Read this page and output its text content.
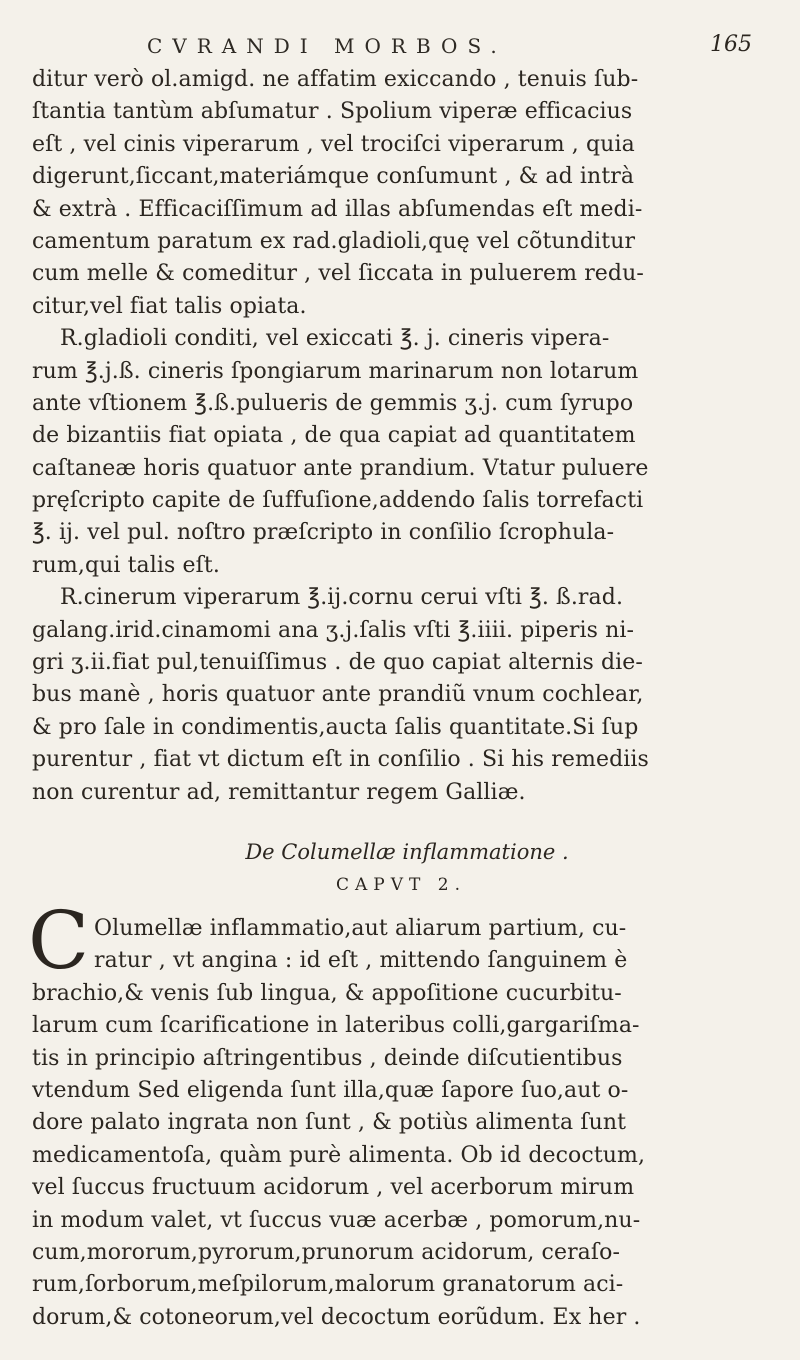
CVRANDI MORBOS.	165
ditur verò ol.amigd. ne affatim exiccando , tenuis ſub-
ſtantia tantùm abſumatur . Spolium viperæ efficacius
eſt , vel cinis viperarum , vel trociſci viperarum , quia
digerunt,ſiccant,materiámque conſumunt , & ad intrà
& extrà . Efficaciſſimum ad illas abſumendas eſt medi-
camentum paratum ex rad.gladioli,quę vel cõtunditur
cum melle & comeditur , vel ſiccata in puluerem redu-
citur,vel fiat talis opiata.
R.gladioli conditi, vel exiccati ℥. j. cineris vipera-
rum ℥.j.ß. cineris ſpongiarum marinarum non lotarum
ante vſtionem ℥.ß.pulueris de gemmis ʒ.j. cum ſyrupo
de bizantiis fiat opiata , de qua capiat ad quantitatem
caſtaneæ horis quatuor ante prandium. Vtatur puluere
pręſcripto capite de ſuffuſione,addendo ſalis torrefacti
℥. ij. vel pul. noſtro præſcripto in conſilio ſcrophula-
rum,qui talis eſt.
R.cinerum viperarum ℥.ij.cornu cerui vſti ℥. ß.rad.
galang.irid.cinamomi ana ʒ.j.ſalis vſti ℥.iiii. piperis ni-
gri ʒ.ii.fiat pul,tenuiſſimus . de quo capiat alternis die-
bus manè , horis quatuor ante prandiũ vnum cochlear,
& pro ſale in condimentis,aucta ſalis quantitate.Si ſup
purentur , fiat vt dictum eſt in conſilio . Si his remediis
non curentur ad, remittantur regem Galliæ.
De Columellæ inflammatione .
CAPVT 2.
C Olumellæ inflammatio,aut aliarum partium, cu-
ratur , vt angina : id eſt , mittendo ſanguinem è
brachio,& venis ſub lingua, & appoſitione cucurbitu-
larum cum ſcarificatione in lateribus colli,gargariſma-
tis in principio aſtringentibus , deinde diſcutientibus
vtendum Sed eligenda ſunt illa,quæ ſapore ſuo,aut o-
dore palato ingrata non ſunt , & potiùs alimenta ſunt
medicamentoſa, quàm purè alimenta. Ob id decoctum,
vel ſuccus fructuum acidorum , vel acerborum mirum
in modum valet, vt ſuccus vuæ acerbæ , pomorum,nu-
cum,mororum,pyrorum,prunorum acidorum, ceraſo-
rum,ſorborum,meſpilorum,malorum granatorum aci-
dorum,& cotoneorum,vel decoctum eorũdum. Ex her .
